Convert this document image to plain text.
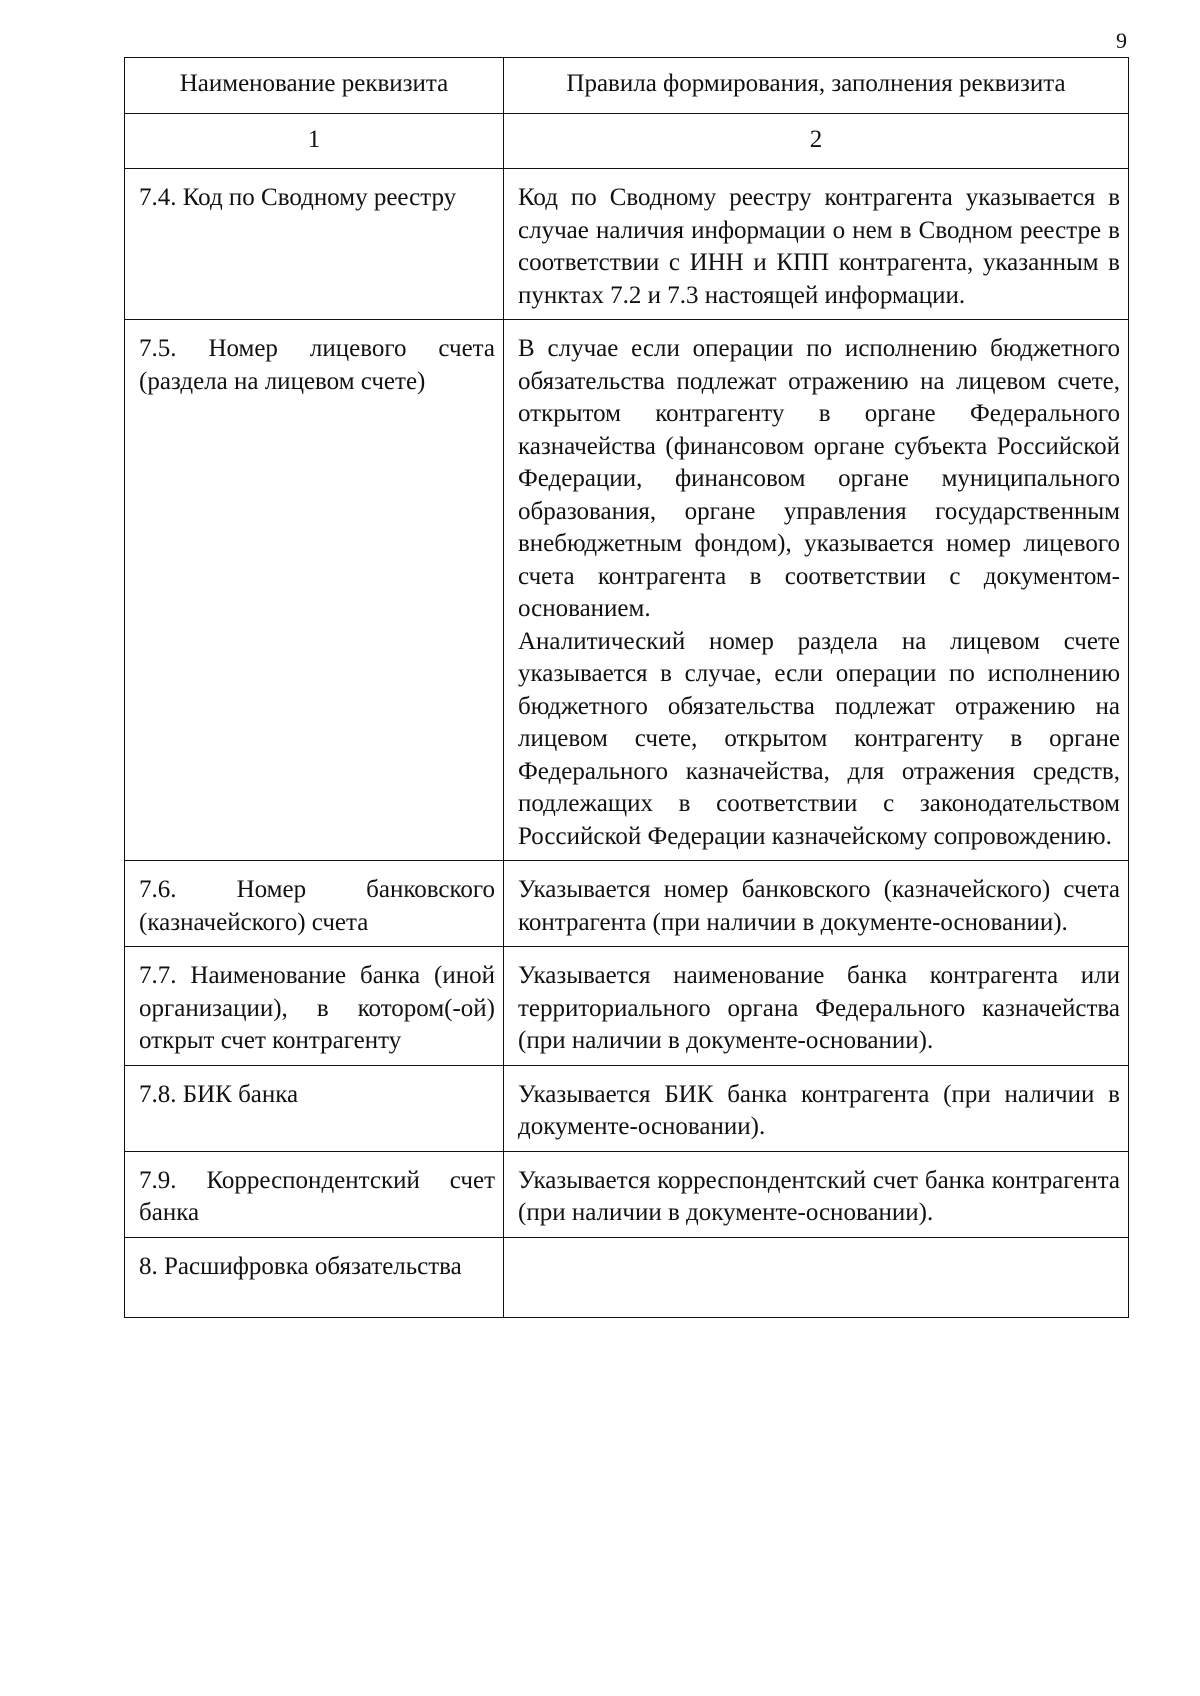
9
Наименование реквизита	Правила формирования, заполнения реквизита
1	2
7.4. Код по Сводному реестру	Код по Сводному реестру контрагента указывается в случае наличия информации о нем в Сводном реестре в соответствии с ИНН и КПП контрагента, указанным в пунктах 7.2 и 7.3 настоящей информации.

7.5. Номер лицевого счета (раздела на лицевом счете)	В случае если операции по исполнению бюджетного обязательства подлежат отражению на лицевом счете, открытом контрагенту в органе Федерального казначейства (финансовом органе субъекта Российской Федерации, финансовом органе муниципального образования, органе управления государственным внебюджетным фондом), указывается номер лицевого счета контрагента в соответствии с документом-основанием.
Аналитический номер раздела на лицевом счете указывается в случае, если операции по исполнению бюджетного обязательства подлежат отражению на лицевом счете, открытом контрагенту в органе Федерального казначейства, для отражения средств, подлежащих в соответствии с законодательством Российской Федерации казначейскому сопровождению.

7.6. Номер банковского (казначейского) счета	Указывается номер банковского (казначейского) счета контрагента (при наличии в документе-основании).

7.7. Наименование банка (иной организации), в котором(-ой) открыт счет контрагенту	Указывается наименование банка контрагента или территориального органа Федерального казначейства (при наличии в документе-основании).

7.8. БИК банка	Указывается БИК банка контрагента (при наличии в документе-основании).

7.9. Корреспондентский счет банка	Указывается корреспондентский счет банка контрагента (при наличии в документе-основании).

8. Расшифровка обязательства	
